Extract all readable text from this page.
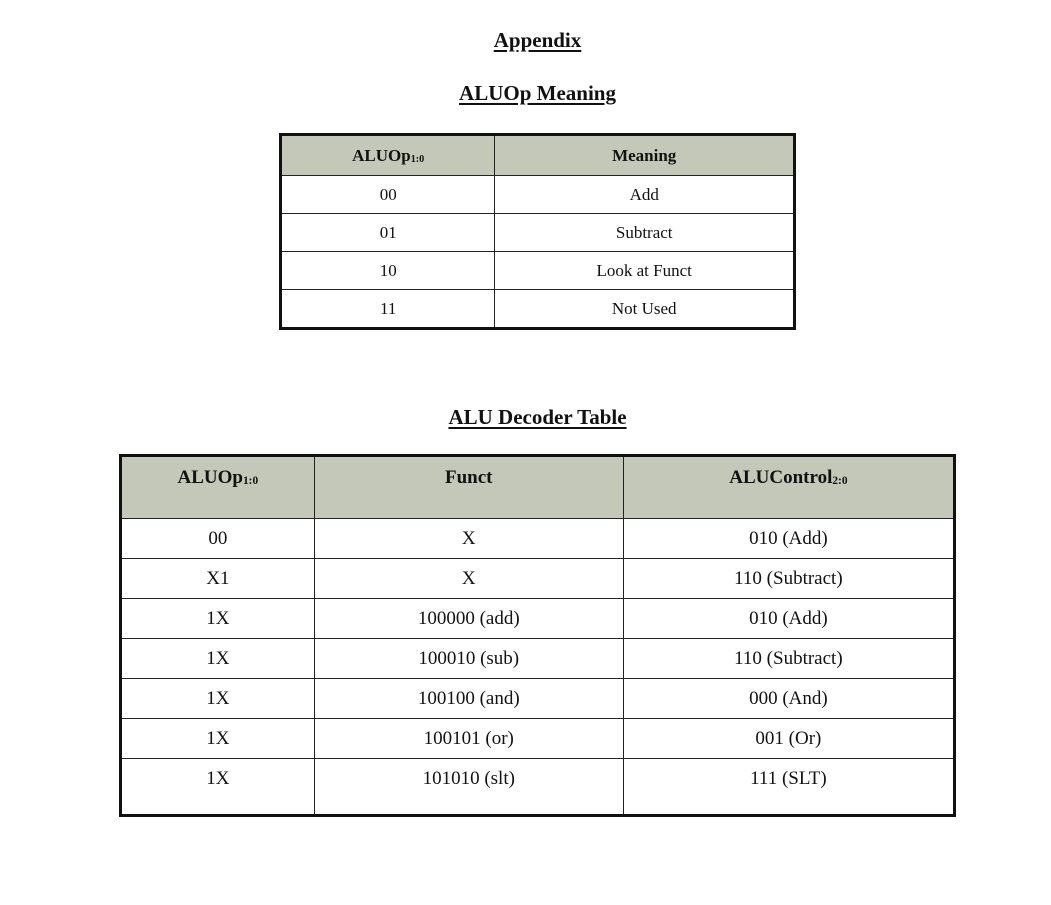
Appendix
ALUOp Meaning
ALUOp$_{1:0}$	Meaning
00	Add
01	Subtract
10	Look at Funct
11	Not Used
ALU Decoder Table
ALUOp$_{1:0}$	Funct	ALUControl$_{2:0}$
00	X	010 (Add)
X1	X	110 (Subtract)
1X	100000 (add)	010 (Add)
1X	100010 (sub)	110 (Subtract)
1X	100100 (and)	000 (And)
1X	100101 (or)	001 (Or)
1X	101010 (slt)	111 (SLT)
